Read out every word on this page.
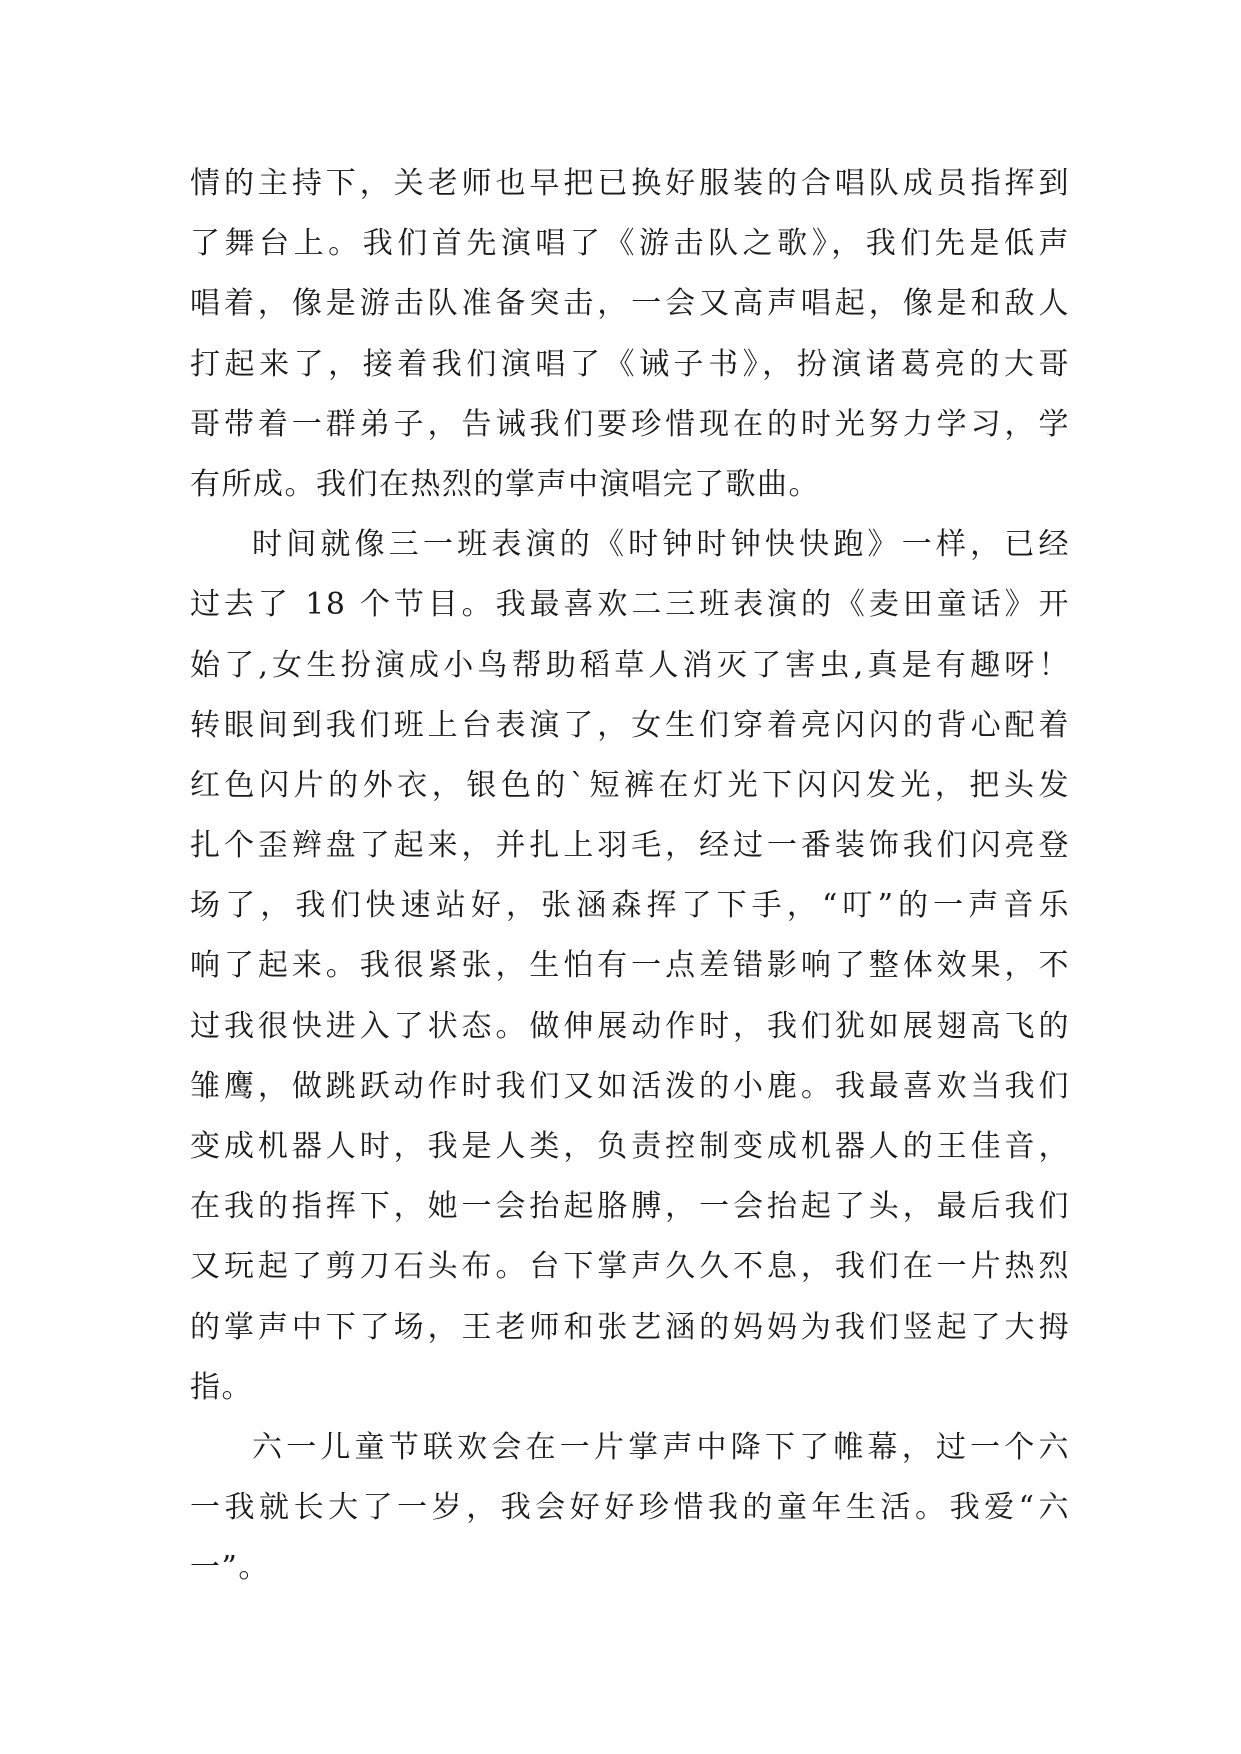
情的主持下，关老师也早把已换好服装的合唱队成员指挥到
了舞台上。我们首先演唱了《游击队之歌》，我们先是低声
唱着，像是游击队准备突击，一会又高声唱起，像是和敌人
打起来了，接着我们演唱了《诫子书》，扮演诸葛亮的大哥
哥带着一群弟子，告诫我们要珍惜现在的时光努力学习，学
有所成。我们在热烈的掌声中演唱完了歌曲。
时间就像三一班表演的《时钟时钟快快跑》一样，已经
过去了 18 个节目。我最喜欢二三班表演的《麦田童话》开
始了,女生扮演成小鸟帮助稻草人消灭了害虫,真是有趣呀！
转眼间到我们班上台表演了，女生们穿着亮闪闪的背心配着
红色闪片的外衣，银色的`短裤在灯光下闪闪发光，把头发
扎个歪辫盘了起来，并扎上羽毛，经过一番装饰我们闪亮登
场了，我们快速站好，张涵森挥了下手，“叮”的一声音乐
响了起来。我很紧张，生怕有一点差错影响了整体效果，不
过我很快进入了状态。做伸展动作时，我们犹如展翅高飞的
雏鹰，做跳跃动作时我们又如活泼的小鹿。我最喜欢当我们
变成机器人时，我是人类，负责控制变成机器人的王佳音，
在我的指挥下，她一会抬起胳膊，一会抬起了头，最后我们
又玩起了剪刀石头布。台下掌声久久不息，我们在一片热烈
的掌声中下了场，王老师和张艺涵的妈妈为我们竖起了大拇
指。
六一儿童节联欢会在一片掌声中降下了帷幕，过一个六
一我就长大了一岁，我会好好珍惜我的童年生活。我爱“六
一”。
